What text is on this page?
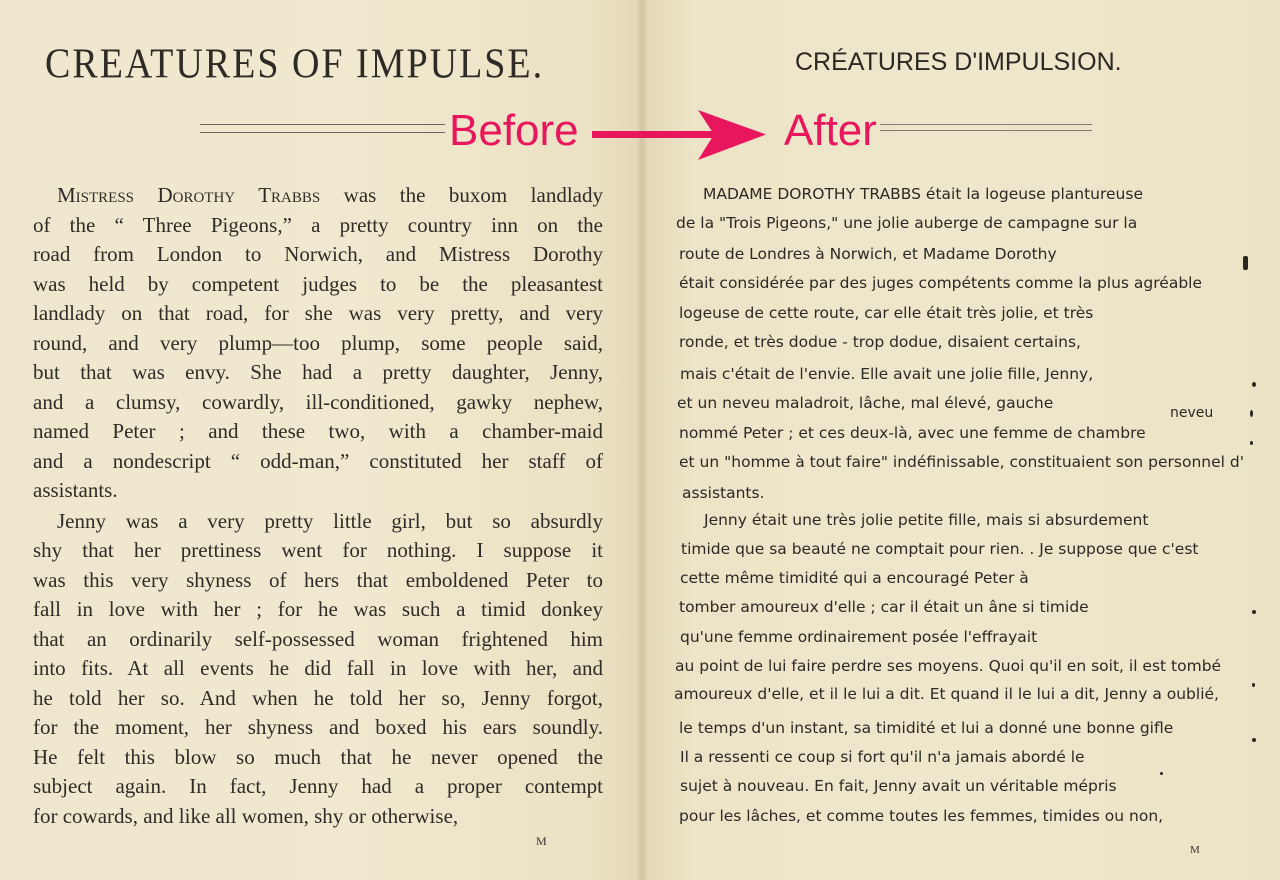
CREATURES OF IMPULSE.
Mistress Dorothy Trabbs was the buxom landlady
of the “ Three Pigeons,” a pretty country inn on the
road from London to Norwich, and Mistress Dorothy
was held by competent judges to be the pleasantest
landlady on that road, for she was very pretty, and very
round, and very plump—too plump, some people said,
but that was envy. She had a pretty daughter, Jenny,
and a clumsy, cowardly, ill-conditioned, gawky nephew,
named Peter ; and these two, with a chamber-maid
and a nondescript “ odd-man,” constituted her staff of
assistants.
Jenny was a very pretty little girl, but so absurdly
shy that her prettiness went for nothing. I suppose it
was this very shyness of hers that emboldened Peter to
fall in love with her ; for he was such a timid donkey
that an ordinarily self-possessed woman frightened him
into fits. At all events he did fall in love with her, and
he told her so. And when he told her so, Jenny forgot,
for the moment, her shyness and boxed his ears soundly.
He felt this blow so much that he never opened the
subject again. In fact, Jenny had a proper contempt
for cowards, and like all women, shy or otherwise,
M
CRÉATURES D'IMPULSION.
MADAME DOROTHY TRABBS était la logeuse plantureuse
de la "Trois Pigeons," une jolie auberge de campagne sur la
route de Londres à Norwich, et Madame Dorothy
était considérée par des juges compétents comme la plus agréable
logeuse de cette route, car elle était très jolie, et très
ronde, et très dodue - trop dodue, disaient certains,
mais c'était de l'envie. Elle avait une jolie fille, Jenny,
et un neveu maladroit, lâche, mal élevé, gauche
nommé Peter ; et ces deux-là, avec une femme de chambre
et un "homme à tout faire" indéfinissable, constituaient son personnel d'
assistants.
Jenny était une très jolie petite fille, mais si absurdement
timide que sa beauté ne comptait pour rien. . Je suppose que c'est
cette même timidité qui a encouragé Peter à
tomber amoureux d'elle ; car il était un âne si timide
qu'une femme ordinairement posée l'effrayait
au point de lui faire perdre ses moyens. Quoi qu'il en soit, il est tombé
amoureux d'elle, et il le lui a dit. Et quand il le lui a dit, Jenny a oublié,
le temps d'un instant, sa timidité et lui a donné une bonne gifle
Il a ressenti ce coup si fort qu'il n'a jamais abordé le
sujet à nouveau. En fait, Jenny avait un véritable mépris
pour les lâches, et comme toutes les femmes, timides ou non,
neveu
M
Before	After
